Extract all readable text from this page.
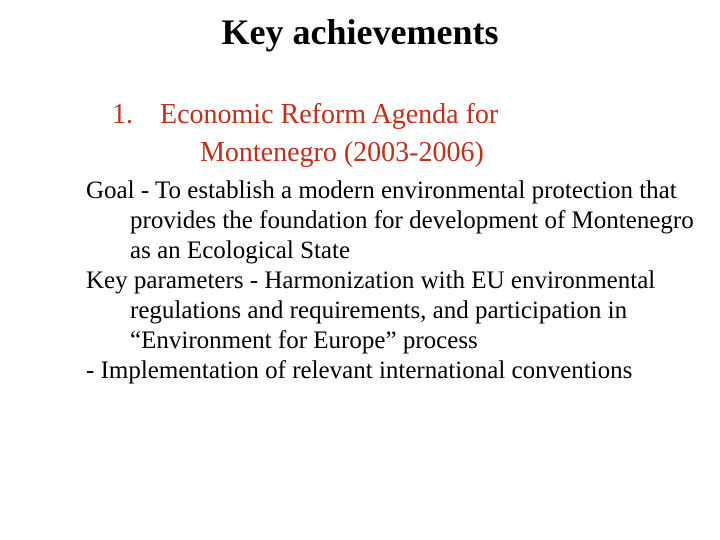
Key achievements
1. Economic Reform Agenda for
Montenegro (2003-2006)

Goal - To establish a modern environmental protection that provides the foundation for development of Montenegro as an Ecological State

Key parameters - Harmonization with EU environmental regulations and requirements, and participation in “Environment for Europe” process

- Implementation of relevant international conventions
